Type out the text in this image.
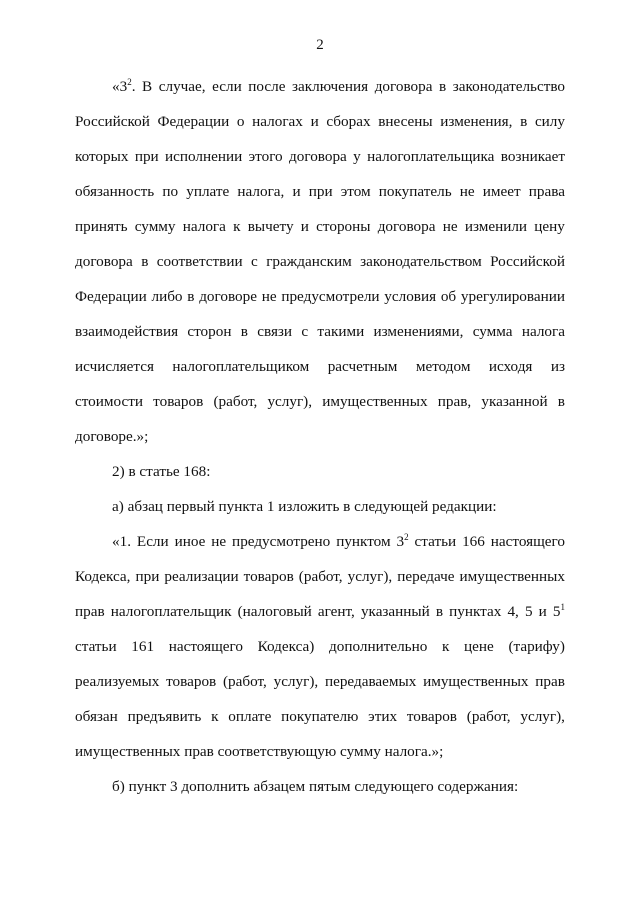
2
«$3^2$. В случае, если после заключения договора в законодательство
Российской Федерации о налогах и сборах внесены изменения, в силу
которых при исполнении этого договора у налогоплательщика возникает
обязанность по уплате налога, и при этом покупатель не имеет права
принять сумму налога к вычету и стороны договора не изменили цену
договора в соответствии с гражданским законодательством Российской
Федерации либо в договоре не предусмотрели условия об урегулировании
взаимодействия сторон в связи с такими изменениями, сумма налога
исчисляется налогоплательщиком расчетным методом исходя из
стоимости товаров (работ, услуг), имущественных прав, указанной в
договоре.»;
2) в статье 168:
а) абзац первый пункта 1 изложить в следующей редакции:
«1. Если иное не предусмотрено пунктом $3^2$ статьи 166 настоящего
Кодекса, при реализации товаров (работ, услуг), передаче имущественных
прав налогоплательщик (налоговый агент, указанный в пунктах 4, 5 и $5^1$
статьи 161 настоящего Кодекса) дополнительно к цене (тарифу)
реализуемых товаров (работ, услуг), передаваемых имущественных прав
обязан предъявить к оплате покупателю этих товаров (работ, услуг),
имущественных прав соответствующую сумму налога.»;
б) пункт 3 дополнить абзацем пятым следующего содержания:
